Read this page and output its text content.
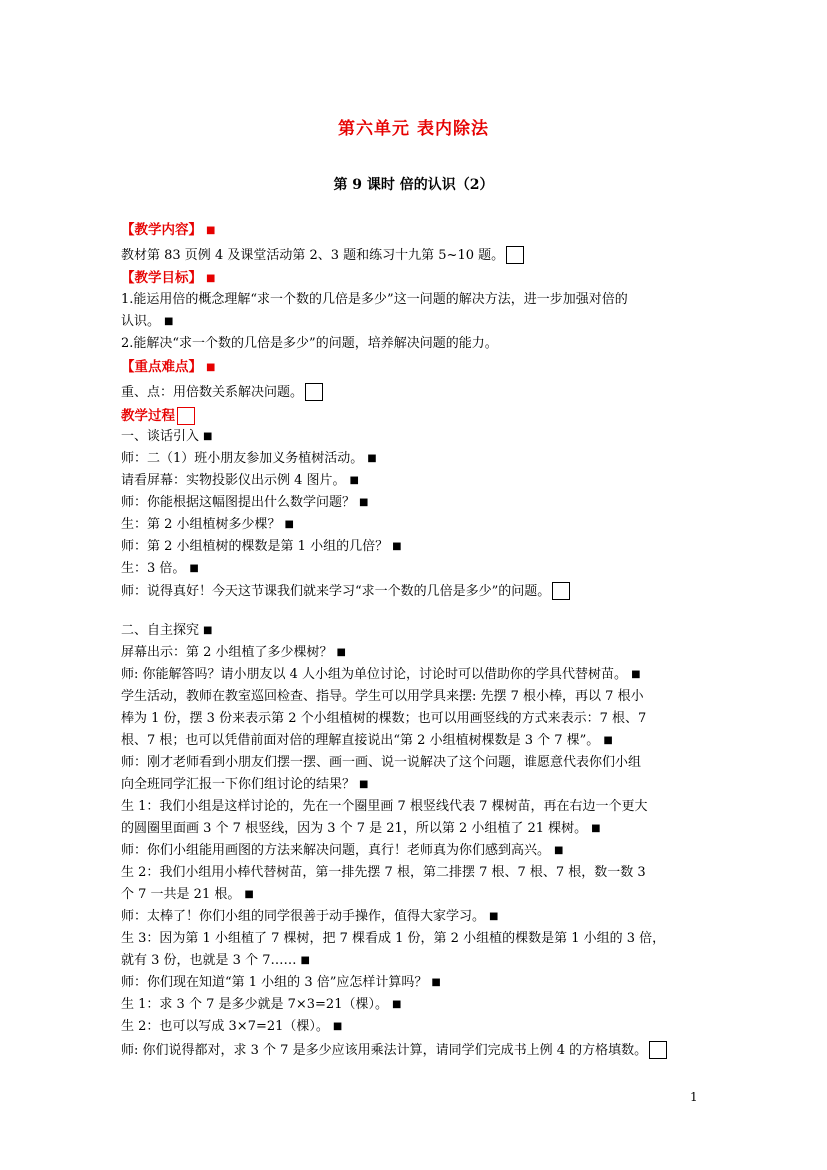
第六单元 表内除法
第 9 课时 倍的认识（2）
【教学内容】 ■
教材第 83 页例 4 及课堂活动第 2、3 题和练习十九第 5~10 题。
【教学目标】 ■
1.能运用倍的概念理解“求一个数的几倍是多少”这一问题的解决方法，进一步加强对倍的
认识。 ■
2.能解决“求一个数的几倍是多少”的问题，培养解决问题的能力。
【重点难点】 ■
重、点：用倍数关系解决问题。
教学过程
一、谈话引入 ■
师：二（1）班小朋友参加义务植树活动。 ■
请看屏幕：实物投影仪出示例 4 图片。 ■
师：你能根据这幅图提出什么数学问题？ ■
生：第 2 小组植树多少棵？ ■
师：第 2 小组植树的棵数是第 1 小组的几倍？ ■
生：3 倍。 ■
师：说得真好！今天这节课我们就来学习“求一个数的几倍是多少”的问题。
二、自主探究 ■
屏幕出示：第 2 小组植了多少棵树？ ■
师: 你能解答吗？请小朋友以 4 人小组为单位讨论，讨论时可以借助你的学具代替树苗。 ■
学生活动，教师在教室巡回检查、指导。学生可以用学具来摆: 先摆 7 根小棒，再以 7 根小
棒为 1 份，摆 3 份来表示第 2 个小组植树的棵数；也可以用画竖线的方式来表示：7 根、7
根、7 根；也可以凭借前面对倍的理解直接说出“第 2 小组植树棵数是 3 个 7 棵”。 ■
师：刚才老师看到小朋友们摆一摆、画一画、说一说解决了这个问题，谁愿意代表你们小组
向全班同学汇报一下你们组讨论的结果？ ■
生 1：我们小组是这样讨论的，先在一个圈里画 7 根竖线代表 7 棵树苗，再在右边一个更大
的圆圈里面画 3 个 7 根竖线，因为 3 个 7 是 21，所以第 2 小组植了 21 棵树。 ■
师：你们小组能用画图的方法来解决问题，真行！老师真为你们感到高兴。 ■
生 2：我们小组用小棒代替树苗，第一排先摆 7 根，第二排摆 7 根、7 根、7 根，数一数 3
个 7 一共是 21 根。 ■
师：太棒了！你们小组的同学很善于动手操作，值得大家学习。 ■
生 3：因为第 1 小组植了 7 棵树，把 7 棵看成 1 份，第 2 小组植的棵数是第 1 小组的 3 倍，
就有 3 份，也就是 3 个 7…… ■
师：你们现在知道“第 1 小组的 3 倍”应怎样计算吗？ ■
生 1：求 3 个 7 是多少就是 7×3=21（棵）。 ■
生 2：也可以写成 3×7=21（棵）。 ■
师: 你们说得都对，求 3 个 7 是多少应该用乘法计算，请同学们完成书上例 4 的方格填数。
1
